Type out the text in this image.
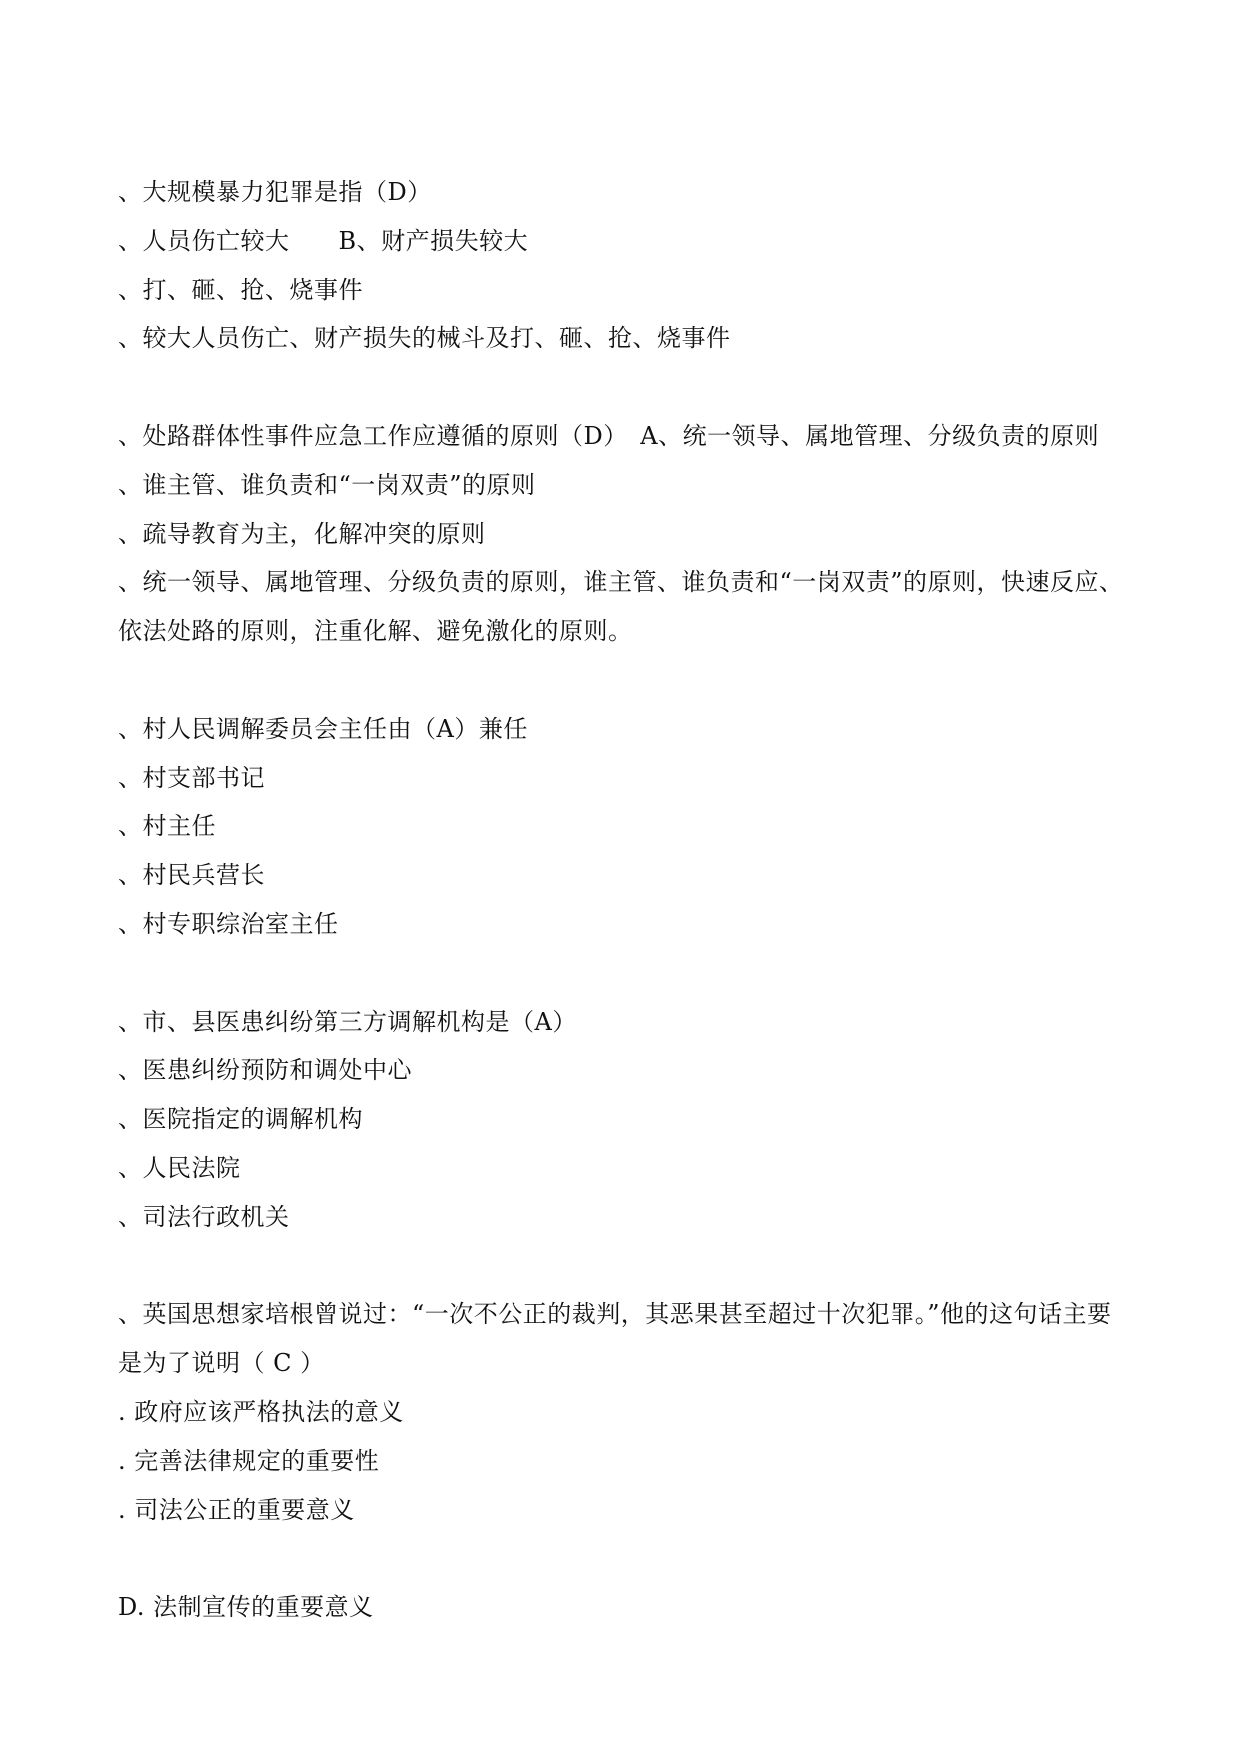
、大规模暴力犯罪是指（D）
、人员伤亡较大　　B、财产损失较大
、打、砸、抢、烧事件
、较大人员伤亡、财产损失的械斗及打、砸、抢、烧事件
、处路群体性事件应急工作应遵循的原则（D）　A、统一领导、属地管理、分级负责的原则
、谁主管、谁负责和“一岗双责”的原则
、疏导教育为主，化解冲突的原则
、统一领导、属地管理、分级负责的原则，谁主管、谁负责和“一岗双责”的原则，快速反应、依法处路的原则，注重化解、避免激化的原则。
、村人民调解委员会主任由（A）兼任
、村支部书记
、村主任
、村民兵营长
、村专职综治室主任
、市、县医患纠纷第三方调解机构是（A）
、医患纠纷预防和调处中心
、医院指定的调解机构
、人民法院
、司法行政机关
、英国思想家培根曾说过：“一次不公正的裁判，其恶果甚至超过十次犯罪。”他的这句话主要是为了说明（ C ）
. 政府应该严格执法的意义
. 完善法律规定的重要性
. 司法公正的重要意义
D. 法制宣传的重要意义
